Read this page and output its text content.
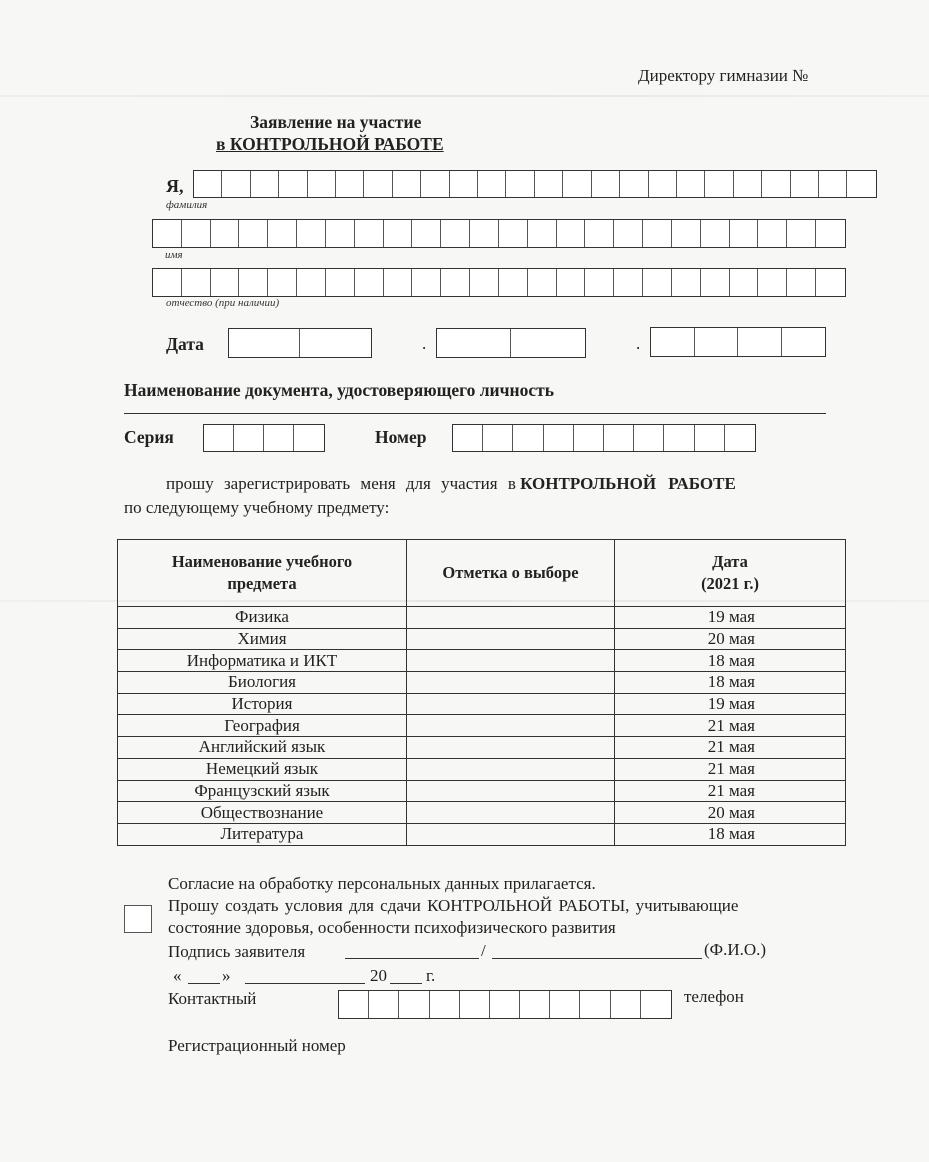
Директору гимназии №
Заявление на участие
в КОНТРОЛЬНОЙ РАБОТЕ
Я,
фамилия
имя
отчество (при наличии)
Дата	.	.
Наименование документа, удостоверяющего личность
Серия	Номер
прошу зарегистрировать меня для участия в КОНТРОЛЬНОЙ РАБОТЕ
по следующему учебному предмету:
Наименование учебного предмета	Отметка о выборе	Дата
(2021 г.)

Физика		19 мая
Химия		20 мая
Информатика и ИКТ		18 мая
Биология		18 мая
История		19 мая
География		21 мая
Английский язык		21 мая
Немецкий язык		21 мая
Французский язык		21 мая
Обществознание		20 мая
Литература		18 мая
Согласие на обработку персональных данных прилагается.
Прошу создать условия для сдачи КОНТРОЛЬНОЙ РАБОТЫ, учитывающие
состояние здоровья, особенности психофизического развития
Подпись заявителя	/	(Ф.И.О.)
« »	20 г.
Контактный	телефон
Регистрационный номер
